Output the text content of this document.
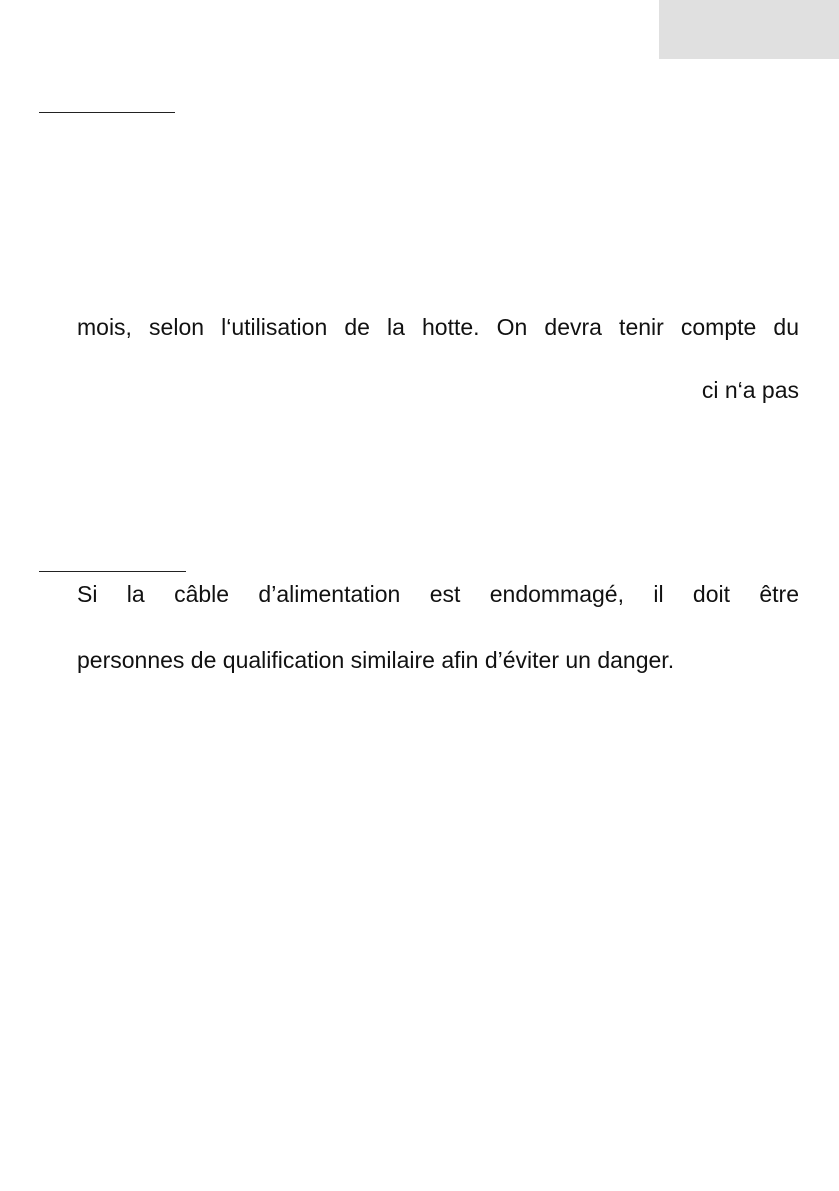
mois, selon l‘utilisation de la hotte. On devra tenir compte du
ci n‘a pas
Si la câble d’alimentation est endommagé, il doit être
personnes de qualification similaire afin d’éviter un danger.
